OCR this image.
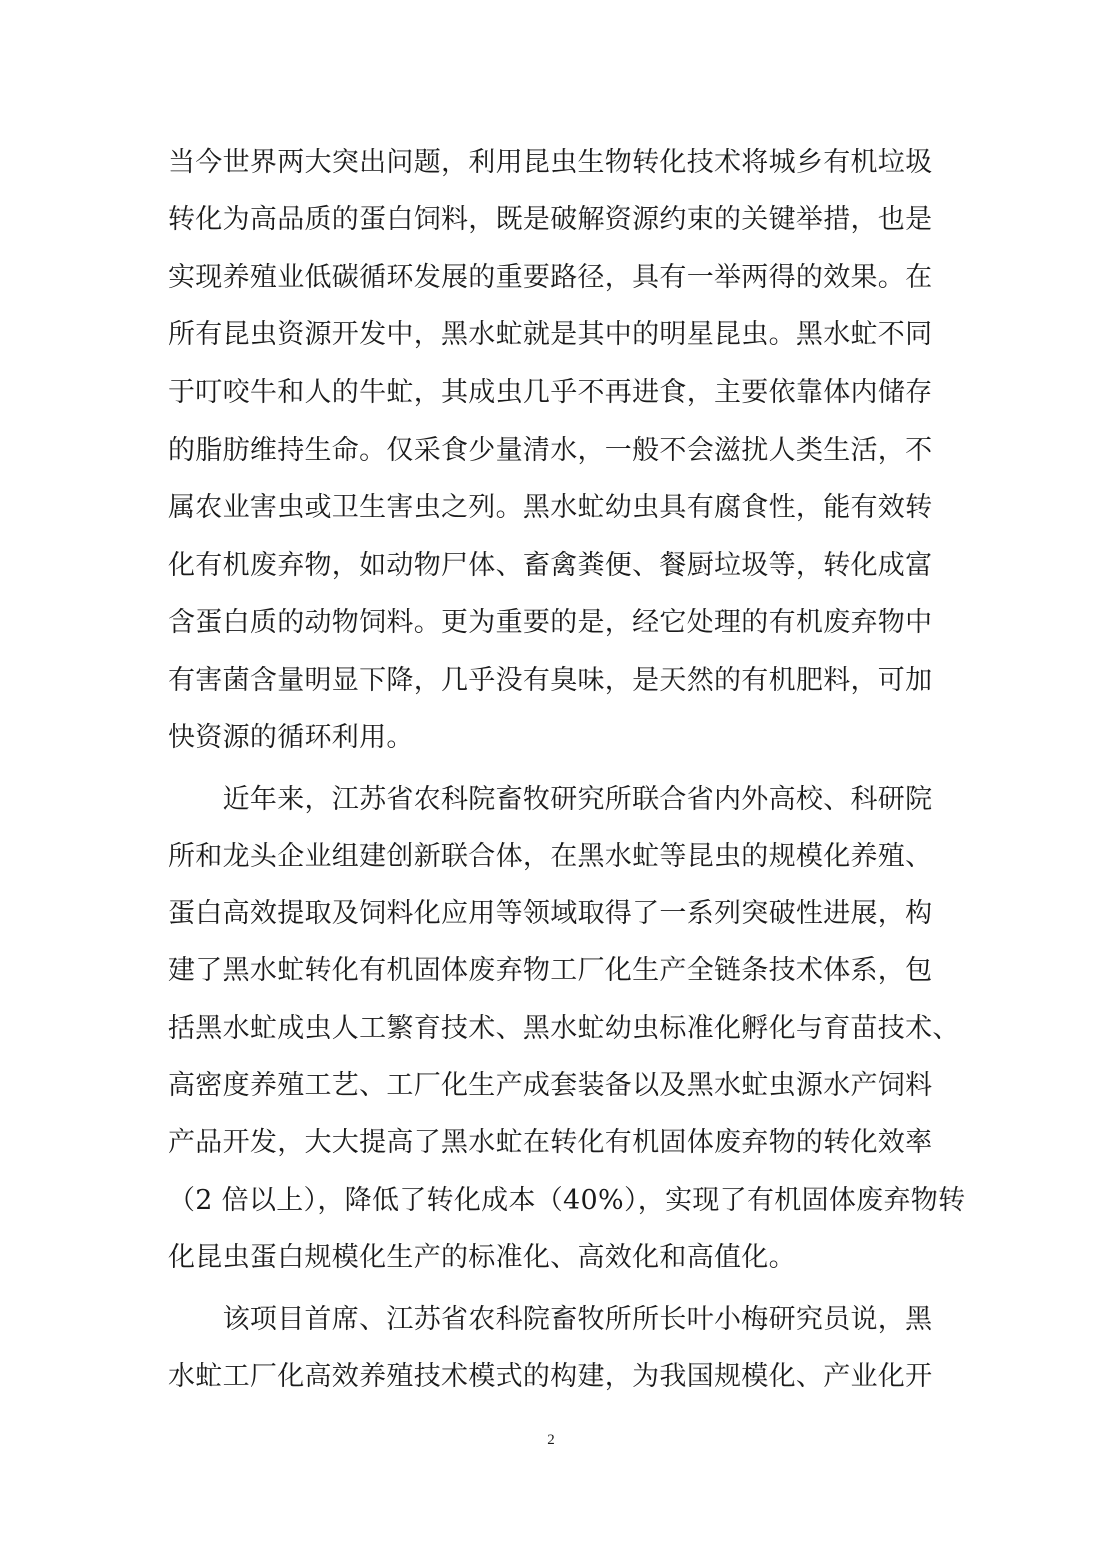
当今世界两大突出问题，利用昆虫生物转化技术将城乡有机垃圾
转化为高品质的蛋白饲料，既是破解资源约束的关键举措，也是
实现养殖业低碳循环发展的重要路径，具有一举两得的效果。在
所有昆虫资源开发中，黑水虻就是其中的明星昆虫。黑水虻不同
于叮咬牛和人的牛虻，其成虫几乎不再进食，主要依靠体内储存
的脂肪维持生命。仅采食少量清水，一般不会滋扰人类生活，不
属农业害虫或卫生害虫之列。黑水虻幼虫具有腐食性，能有效转
化有机废弃物，如动物尸体、畜禽粪便、餐厨垃圾等，转化成富
含蛋白质的动物饲料。更为重要的是，经它处理的有机废弃物中
有害菌含量明显下降，几乎没有臭味，是天然的有机肥料，可加
快资源的循环利用。
　　近年来，江苏省农科院畜牧研究所联合省内外高校、科研院
所和龙头企业组建创新联合体，在黑水虻等昆虫的规模化养殖、
蛋白高效提取及饲料化应用等领域取得了一系列突破性进展，构
建了黑水虻转化有机固体废弃物工厂化生产全链条技术体系，包
括黑水虻成虫人工繁育技术、黑水虻幼虫标准化孵化与育苗技术、
高密度养殖工艺、工厂化生产成套装备以及黑水虻虫源水产饲料
产品开发，大大提高了黑水虻在转化有机固体废弃物的转化效率
（2 倍以上），降低了转化成本（40%），实现了有机固体废弃物转
化昆虫蛋白规模化生产的标准化、高效化和高值化。
　　该项目首席、江苏省农科院畜牧所所长叶小梅研究员说，黑
水虻工厂化高效养殖技术模式的构建，为我国规模化、产业化开
2
